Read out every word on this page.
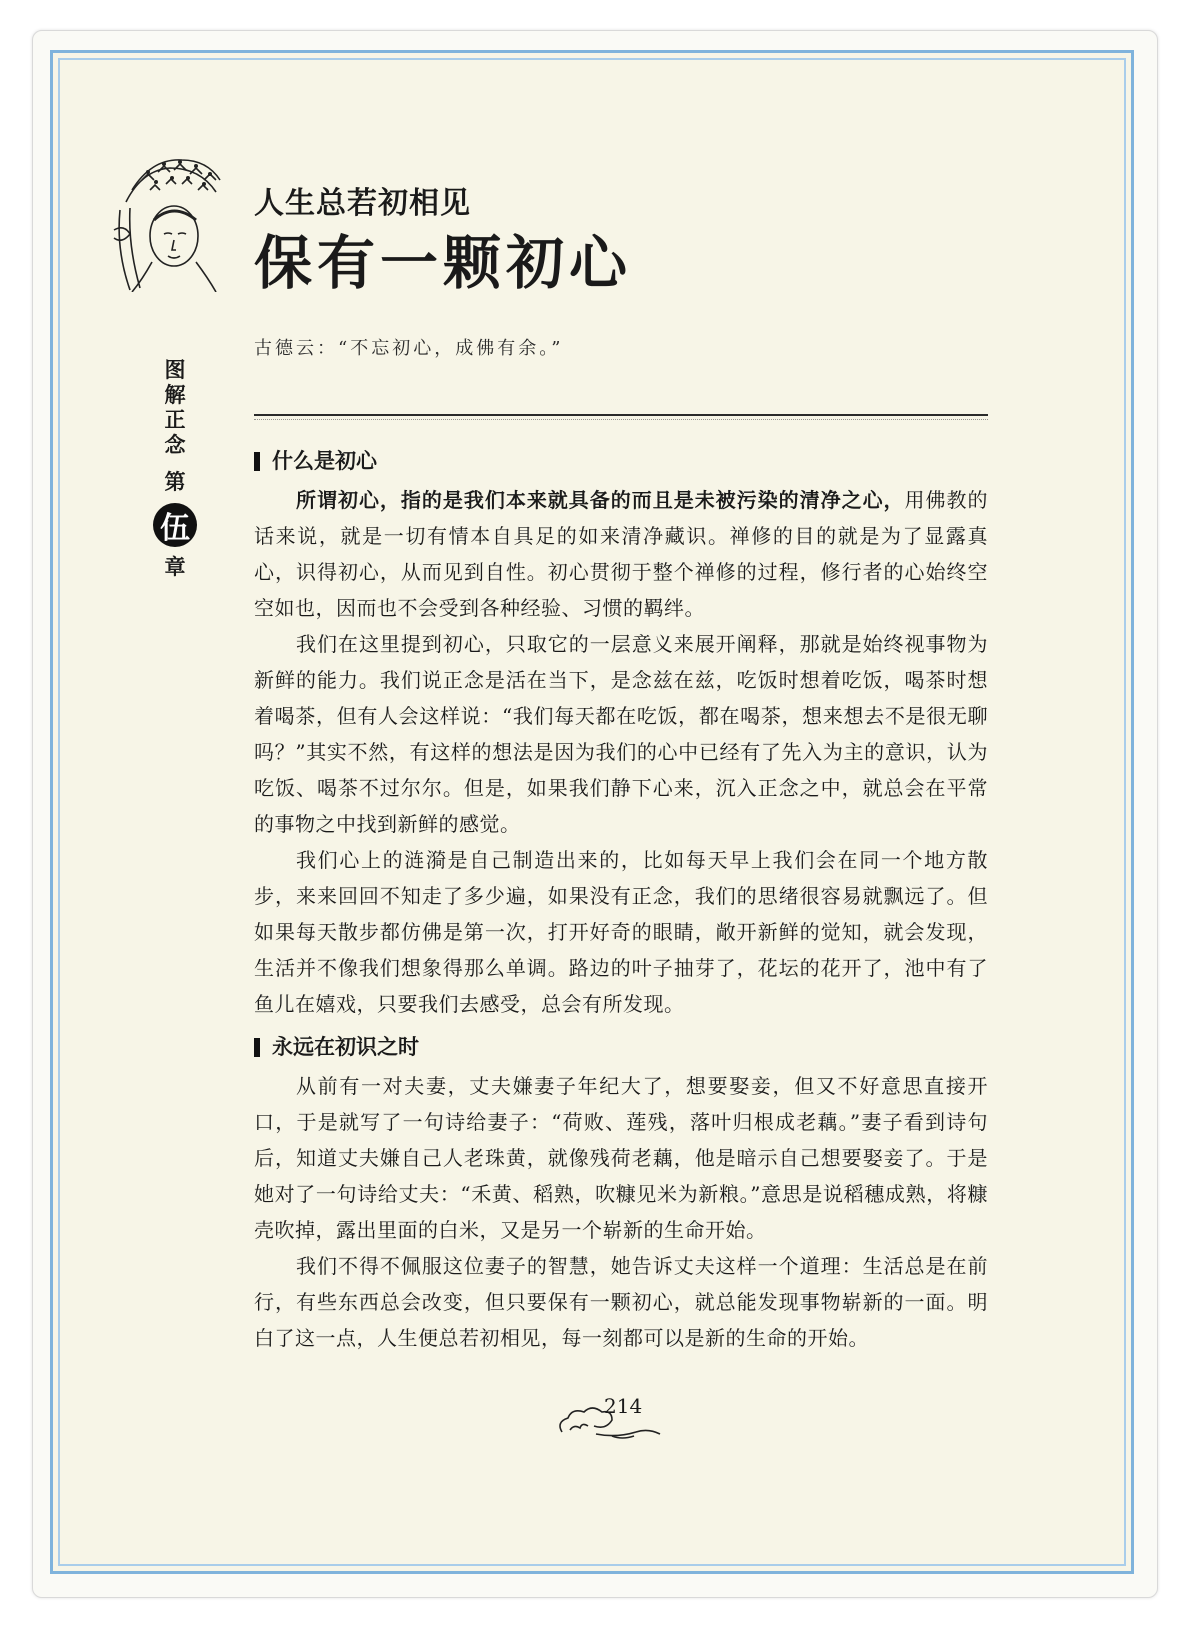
人生总若初相见
保有一颗初心
古德云：“不忘初心，成佛有余。”
图
解
正
念
第
伍
章
什么是初心

所谓初心，指的是我们本来就具备的而且是未被污染的清净之心，用佛教的话来说，就是一切有情本自具足的如来清净藏识。禅修的目的就是为了显露真心，识得初心，从而见到自性。初心贯彻于整个禅修的过程，修行者的心始终空空如也，因而也不会受到各种经验、习惯的羁绊。

我们在这里提到初心，只取它的一层意义来展开阐释，那就是始终视事物为新鲜的能力。我们说正念是活在当下，是念兹在兹，吃饭时想着吃饭，喝茶时想着喝茶，但有人会这样说：“我们每天都在吃饭，都在喝茶，想来想去不是很无聊吗？”其实不然，有这样的想法是因为我们的心中已经有了先入为主的意识，认为吃饭、喝茶不过尔尔。但是，如果我们静下心来，沉入正念之中，就总会在平常的事物之中找到新鲜的感觉。

我们心上的涟漪是自己制造出来的，比如每天早上我们会在同一个地方散步，来来回回不知走了多少遍，如果没有正念，我们的思绪很容易就飘远了。但如果每天散步都仿佛是第一次，打开好奇的眼睛，敞开新鲜的觉知，就会发现，生活并不像我们想象得那么单调。路边的叶子抽芽了，花坛的花开了，池中有了鱼儿在嬉戏，只要我们去感受，总会有所发现。

永远在初识之时

从前有一对夫妻，丈夫嫌妻子年纪大了，想要娶妾，但又不好意思直接开口，于是就写了一句诗给妻子：“荷败、莲残，落叶归根成老藕。”妻子看到诗句后，知道丈夫嫌自己人老珠黄，就像残荷老藕，他是暗示自己想要娶妾了。于是她对了一句诗给丈夫：“禾黄、稻熟，吹糠见米为新粮。”意思是说稻穗成熟，将糠壳吹掉，露出里面的白米，又是另一个崭新的生命开始。

我们不得不佩服这位妻子的智慧，她告诉丈夫这样一个道理：生活总是在前行，有些东西总会改变，但只要保有一颗初心，就总能发现事物崭新的一面。明白了这一点，人生便总若初相见，每一刻都可以是新的生命的开始。

214
